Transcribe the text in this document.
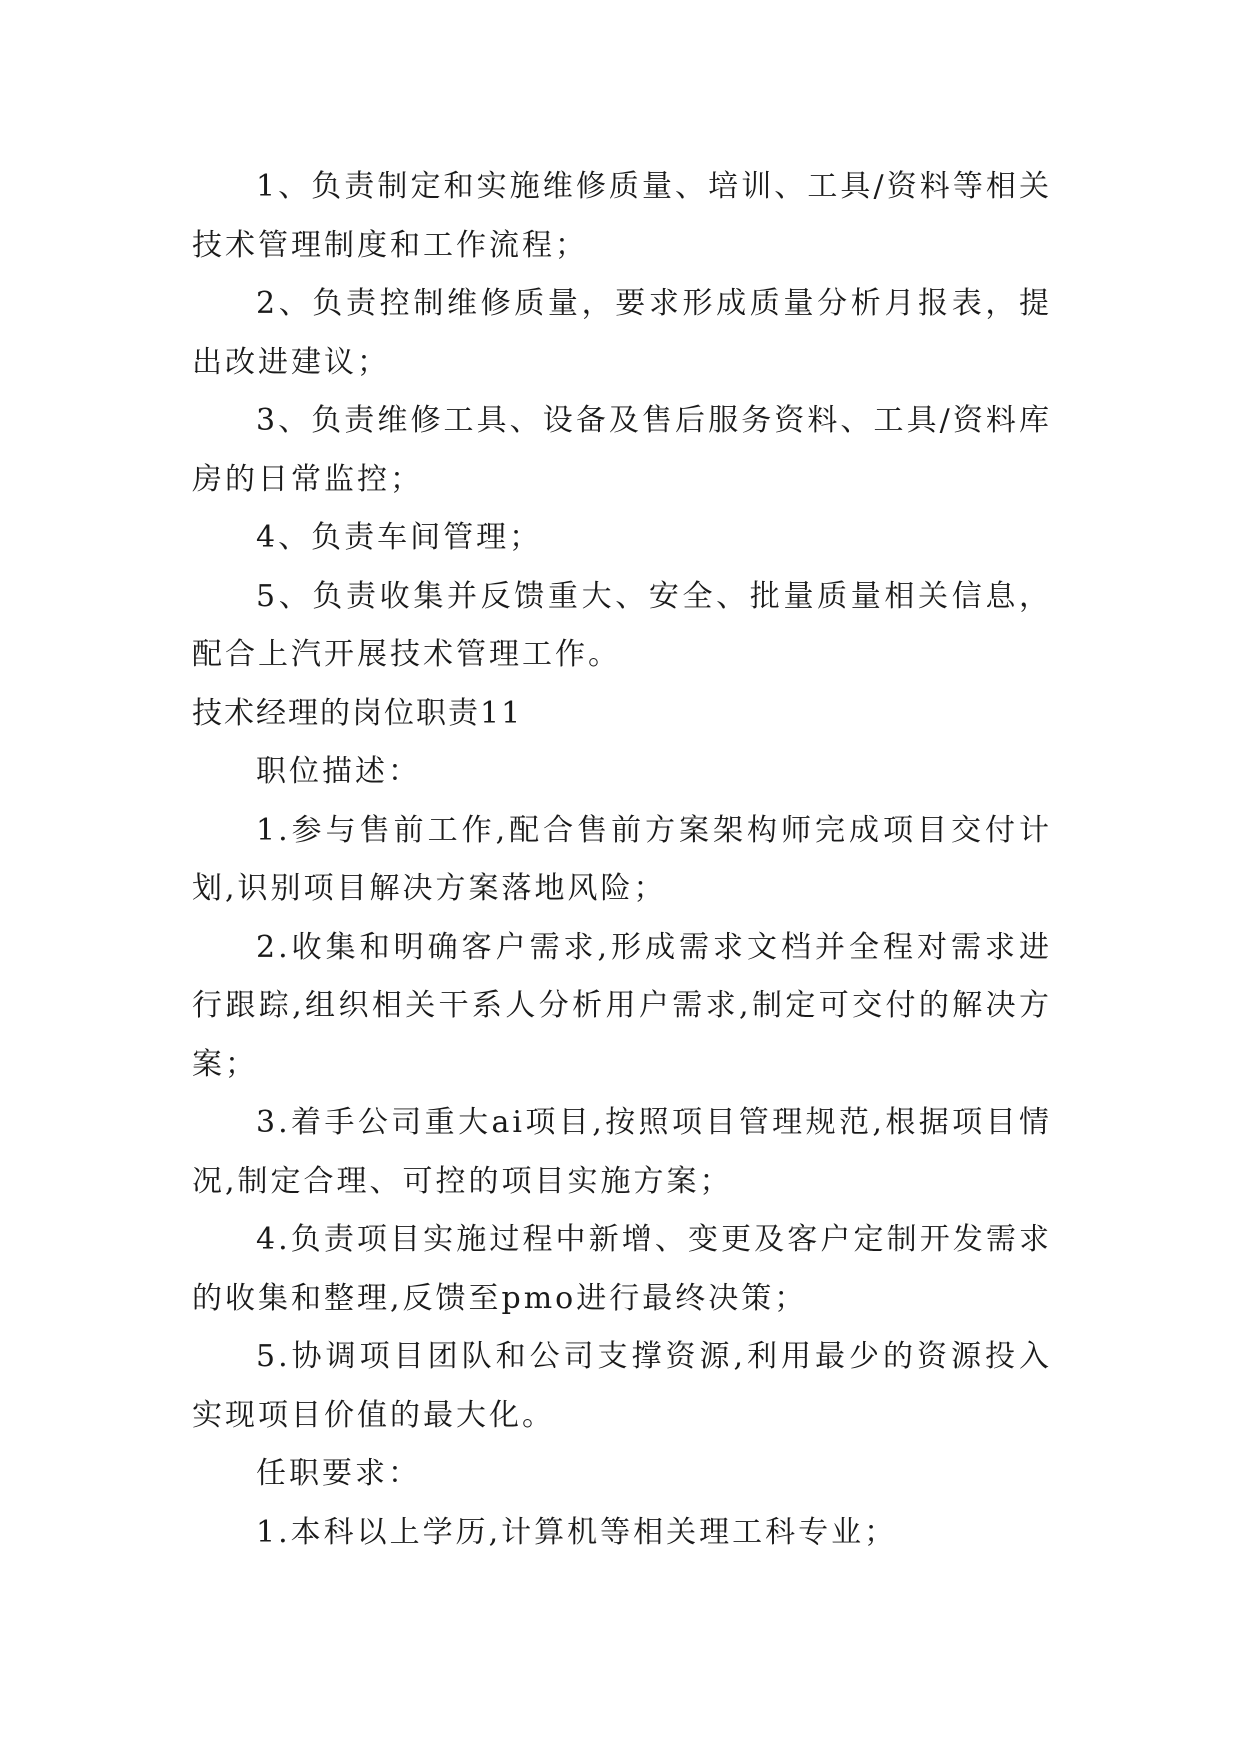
1、负责制定和实施维修质量、培训、工具/资料等相关技术管理制度和工作流程；

2、负责控制维修质量，要求形成质量分析月报表，提出改进建议；

3、负责维修工具、设备及售后服务资料、工具/资料库房的日常监控；

4、负责车间管理；

5、负责收集并反馈重大、安全、批量质量相关信息，配合上汽开展技术管理工作。

技术经理的岗位职责11

职位描述：

1.参与售前工作,配合售前方案架构师完成项目交付计划,识别项目解决方案落地风险；

2.收集和明确客户需求,形成需求文档并全程对需求进行跟踪,组织相关干系人分析用户需求,制定可交付的解决方案；

3.着手公司重大ai项目,按照项目管理规范,根据项目情况,制定合理、可控的项目实施方案；

4.负责项目实施过程中新增、变更及客户定制开发需求的收集和整理,反馈至pmo进行最终决策；

5.协调项目团队和公司支撑资源,利用最少的资源投入实现项目价值的最大化。

任职要求：

1.本科以上学历,计算机等相关理工科专业；
